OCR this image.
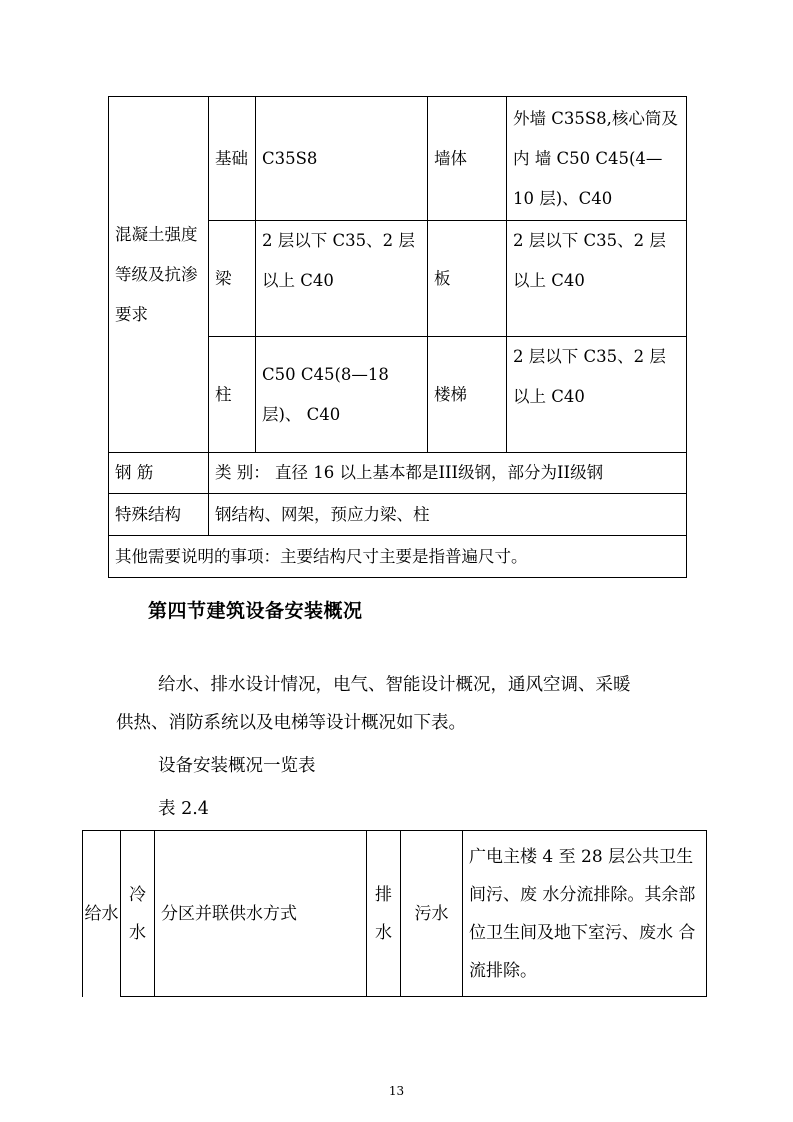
混凝土强度 等级及抗渗要求	基础	C35S8	墙体	外墙 C35S8,核心筒及内 墙 C50 C45(4—10 层)、C40
	梁	2 层以下 C35、2 层以上 C40	板	2 层以下 C35、2 层以上 C40
	柱	C50 C45(8—18 层)、 C40	楼梯	2 层以下 C35、2 层以上 C40
钢 筋	类 别： 直径 16 以上基本都是III级钢，部分为II级钢			
特殊结构	钢结构、网架，预应力梁、柱			
其他需要说明的事项：主要结构尺寸主要是指普遍尺寸。				
第四节建筑设备安装概况
给水、排水设计情况，电气、智能设计概况，通风空调、采暖
供热、消防系统以及电梯等设计概况如下表。
设备安装概况一览表
表 2.4
给水	冷水	分区并联供水方式	排水	污水	广电主楼 4 至 28 层公共卫生间污、废 水分流排除。其余部位卫生间及地下室污、废水 合流排除。
13
